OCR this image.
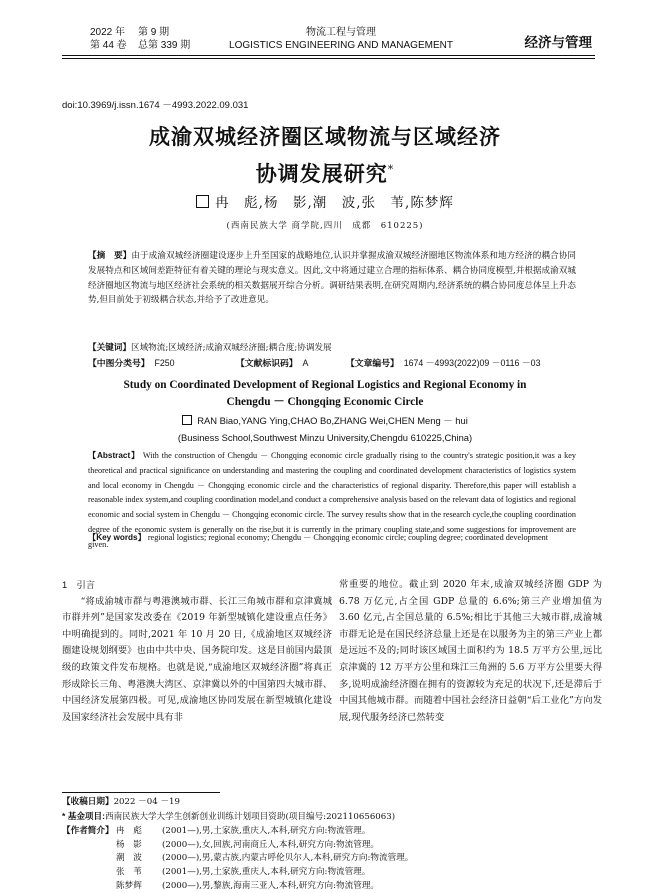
2022 年 第 9 期
第 44 卷 总第 339 期
物流工程与管理
LOGISTICS ENGINEERING AND MANAGEMENT	经济与管理
doi:10.3969/j.issn.1674 －4993.2022.09.031
成渝双城经济圈区域物流与区域经济
协调发展研究*
冉　彪,杨　影,潮　波,张　苇,陈梦辉
(西南民族大学 商学院,四川　成都　610225)
【摘　要】由于成渝双城经济圈建设逐步上升至国家的战略地位,认识并掌握成渝双城经济圈地区物流体系和地方经济的耦合协同发展特点和区域间差距特征有着关键的理论与现实意义。因此,文中将通过建立合理的指标体系、耦合协同度模型,并根据成渝双城经济圈地区物流与地区经济社会系统的相关数据展开综合分析。调研结果表明,在研究周期内,经济系统的耦合协同度总体呈上升态势,但目前处于初级耦合状态,并给予了改进意见。
【关键词】区域物流;区域经济;成渝双城经济圈;耦合度;协调发展
【中图分类号】 F250	【文献标识码】 A	【文章编号】 1674 －4993(2022)09 －0116 －03
Study on Coordinated Development of Regional Logistics and Regional Economy in
Chengdu － Chongqing Economic Circle
RAN Biao,YANG Ying,CHAO Bo,ZHANG Wei,CHEN Meng － hui
(Business School,Southwest Minzu University,Chengdu 610225,China)
【Abstract】 With the construction of Chengdu － Chongqing economic circle gradually rising to the country's strategic position,it was a key theoretical and practical significance on understanding and mastering the coupling and coordinated development characteristics of logistics system and local economy in Chengdu － Chongqing economic circle and the characteristics of regional disparity. Therefore,this paper will establish a reasonable index system,and coupling coordination model,and conduct a comprehensive analysis based on the relevant data of logistics and regional economic and social system in Chengdu － Chongqing economic circle. The survey results show that in the research cycle,the coupling coordination degree of the economic system is generally on the rise,but it is currently in the primary coupling state,and some suggestions for improvement are given.
【Key words】 regional logistics; regional economy; Chengdu － Chongqing economic circle; coupling degree; coordinated development

1　引言

“将成渝城市群与粤港澳城市群、长江三角城市群和京津冀城市群并列”是国家发改委在《2019 年新型城镇化建设重点任务》中明确提到的。同时,2021 年 10 月 20 日,《成渝地区双城经济圈建设规划纲要》也由中共中央、国务院印发。这是目前国内最顶级的政策文件发布规格。也就是说,“成渝地区双城经济圈”将真正形成除长三角、粤港澳大湾区、京津冀以外的中国第四大城市群、中国经济发展第四极。可见,成渝地区协同发展在新型城镇化建设及国家经济社会发展中具有非

常重要的地位。截止到 2020 年末,成渝双城经济圈 GDP 为 6.78 万亿元,占全国 GDP 总量的 6.6%;第三产业增加值为 3.60 亿元,占全国总量的 6.5%;相比于其他三大城市群,成渝城市群无论是在国民经济总量上还是在以服务为主的第三产业上都是远远不及的;同时该区域国土面积约为 18.5 万平方公里,远比京津冀的 12 万平方公里和珠江三角洲的 5.6 万平方公里要大得多,说明成渝经济圈在拥有的资源较为充足的状况下,还是滞后于中国其他城市群。而随着中国社会经济日益朝“后工业化”方向发展,现代服务经济已然转变

【收稿日期】2022 －04 －19
* 基金项目:西南民族大学大学生创新创业训练计划项目资助(项目编号:202110656063)
【作者简介】 冉　彪 (2001—),男,土家族,重庆人,本科,研究方向:物流管理。
杨　影 (2000—),女,回族,河南商丘人,本科,研究方向:物流管理。
潮　波 (2000—),男,蒙古族,内蒙古呼伦贝尔人,本科,研究方向:物流管理。
张　苇 (2001—),男,土家族,重庆人,本科,研究方向:物流管理。
陈梦辉 (2000—),男,黎族,海南三亚人,本科,研究方向:物流管理。
